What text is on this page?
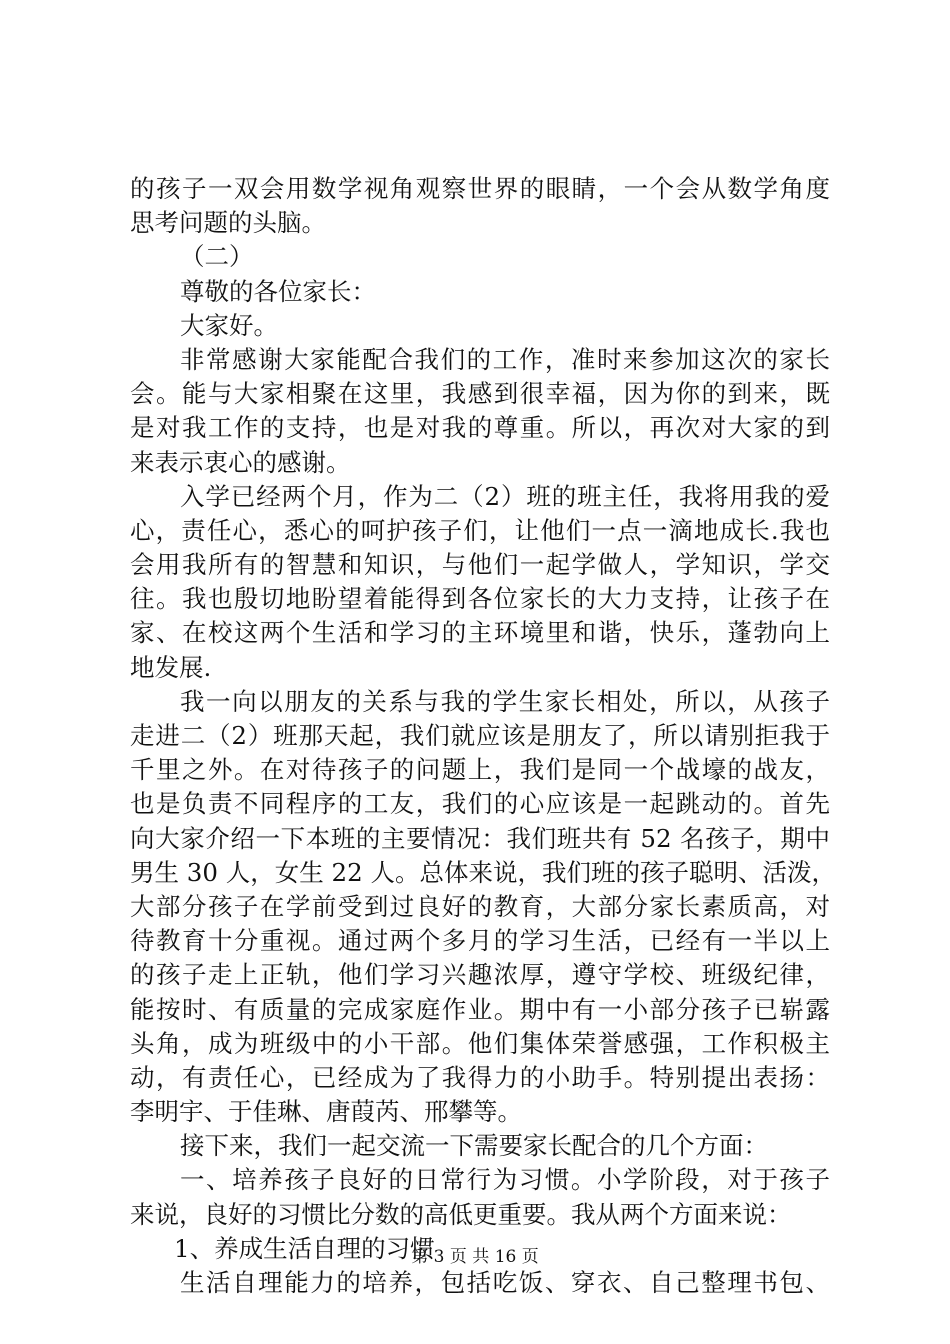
的孩子一双会用数学视角观察世界的眼睛，一个会从数学角度
思考问题的头脑。
（二）
尊敬的各位家长：
大家好。
非常感谢大家能配合我们的工作，准时来参加这次的家长
会。能与大家相聚在这里，我感到很幸福，因为你的到来，既
是对我工作的支持，也是对我的尊重。所以，再次对大家的到
来表示衷心的感谢。
入学已经两个月，作为二（2）班的班主任，我将用我的爱
心，责任心，悉心的呵护孩子们，让他们一点一滴地成长.我也
会用我所有的智慧和知识，与他们一起学做人，学知识，学交
往。我也殷切地盼望着能得到各位家长的大力支持，让孩子在
家、在校这两个生活和学习的主环境里和谐，快乐，蓬勃向上
地发展.
我一向以朋友的关系与我的学生家长相处，所以，从孩子
走进二（2）班那天起，我们就应该是朋友了，所以请别拒我于
千里之外。在对待孩子的问题上，我们是同一个战壕的战友，
也是负责不同程序的工友，我们的心应该是一起跳动的。首先
向大家介绍一下本班的主要情况：我们班共有 52 名孩子，期中
男生 30 人，女生 22 人。总体来说，我们班的孩子聪明、活泼，
大部分孩子在学前受到过良好的教育，大部分家长素质高，对
待教育十分重视。通过两个多月的学习生活，已经有一半以上
的孩子走上正轨，他们学习兴趣浓厚，遵守学校、班级纪律，
能按时、有质量的完成家庭作业。期中有一小部分孩子已崭露
头角，成为班级中的小干部。他们集体荣誉感强，工作积极主
动，有责任心，已经成为了我得力的小助手。特别提出表扬：
李明宇、于佳琳、唐葭芮、邢攀等。
接下来，我们一起交流一下需要家长配合的几个方面：
一、培养孩子良好的日常行为习惯。小学阶段，对于孩子
来说，良好的习惯比分数的高低更重要。我从两个方面来说：
1、养成生活自理的习惯
生活自理能力的培养，包括吃饭、穿衣、自己整理书包、
第 3 页 共 16 页
